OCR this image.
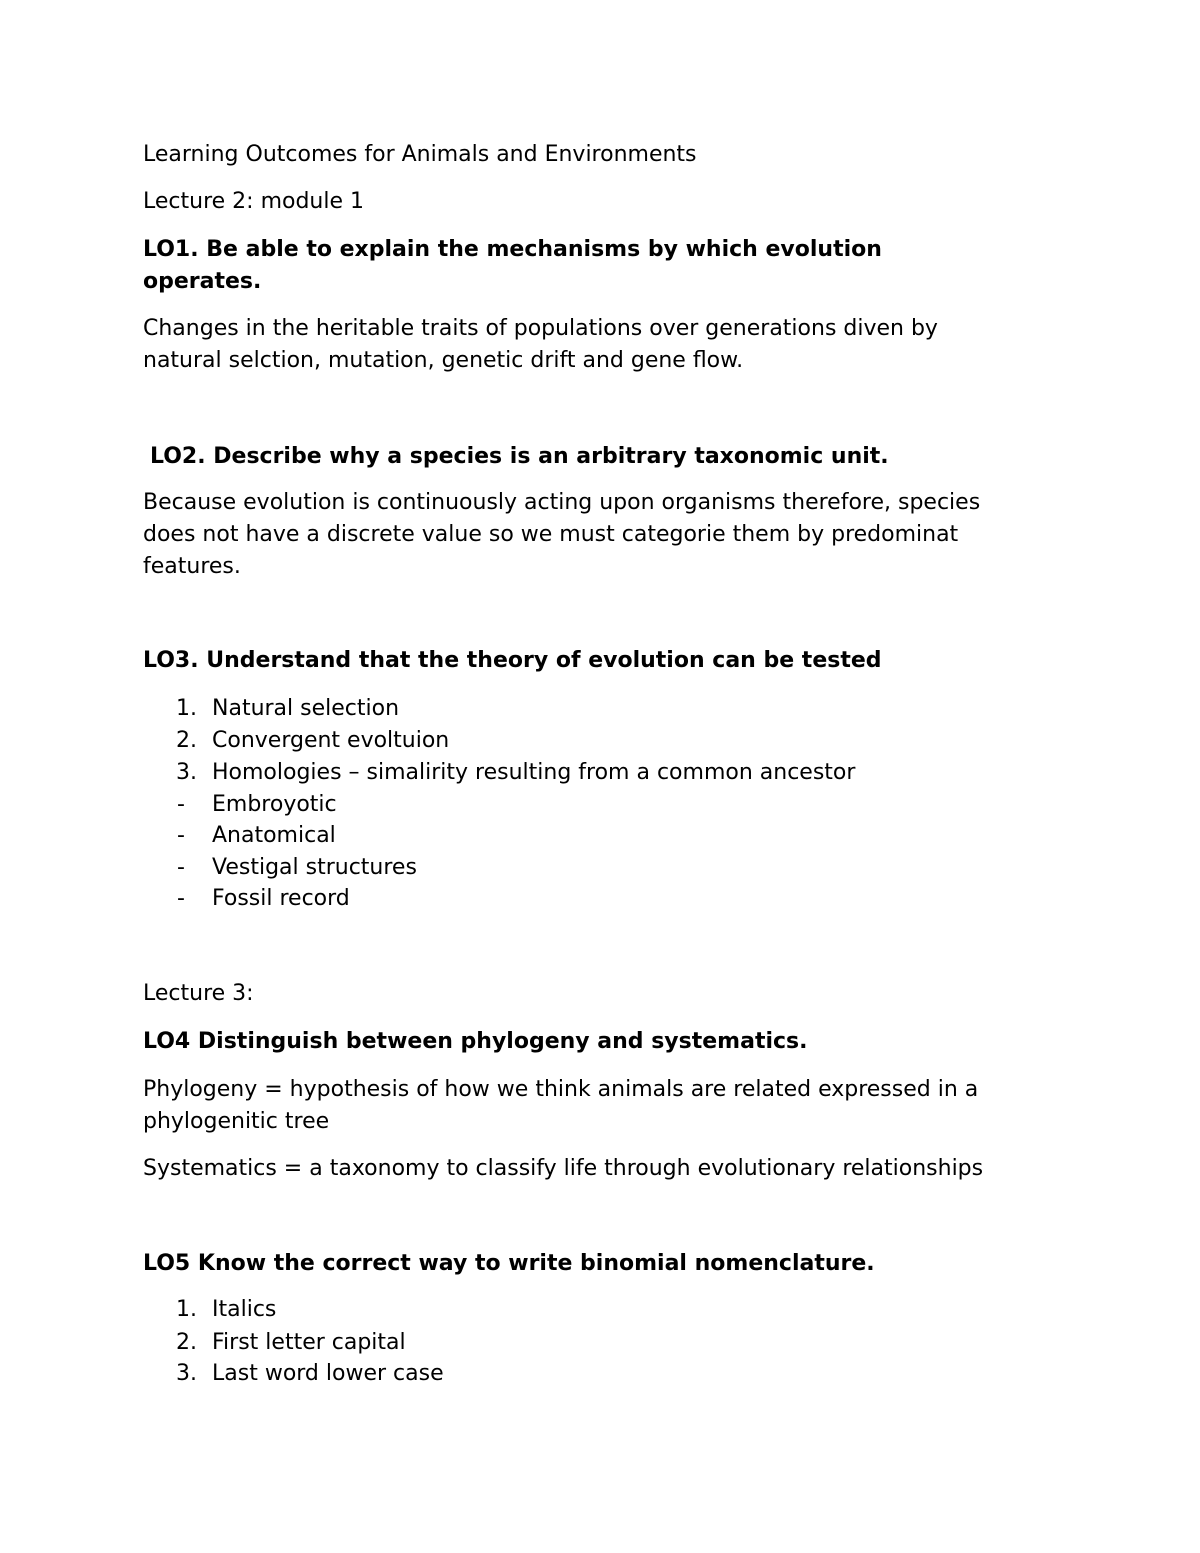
Learning Outcomes for Animals and Environments

Lecture 2: module 1

LO1. Be able to explain the mechanisms by which evolution

operates.

Changes in the heritable traits of populations over generations diven by

natural selction, mutation, genetic drift and gene flow.

LO2. Describe why a species is an arbitrary taxonomic unit.

Because evolution is continuously acting upon organisms therefore, species

does not have a discrete value so we must categorie them by predominat

features.

LO3. Understand that the theory of evolution can be tested

1. Natural selection
2. Convergent evoltuion
3. Homologies – simalirity resulting from a common ancestor
- Embroyotic
- Anatomical
- Vestigal structures
- Fossil record

Lecture 3:

LO4 Distinguish between phylogeny and systematics.

Phylogeny = hypothesis of how we think animals are related expressed in a

phylogenitic tree

Systematics = a taxonomy to classify life through evolutionary relationships

LO5 Know the correct way to write binomial nomenclature.

1. Italics
2. First letter capital
3. Last word lower case
